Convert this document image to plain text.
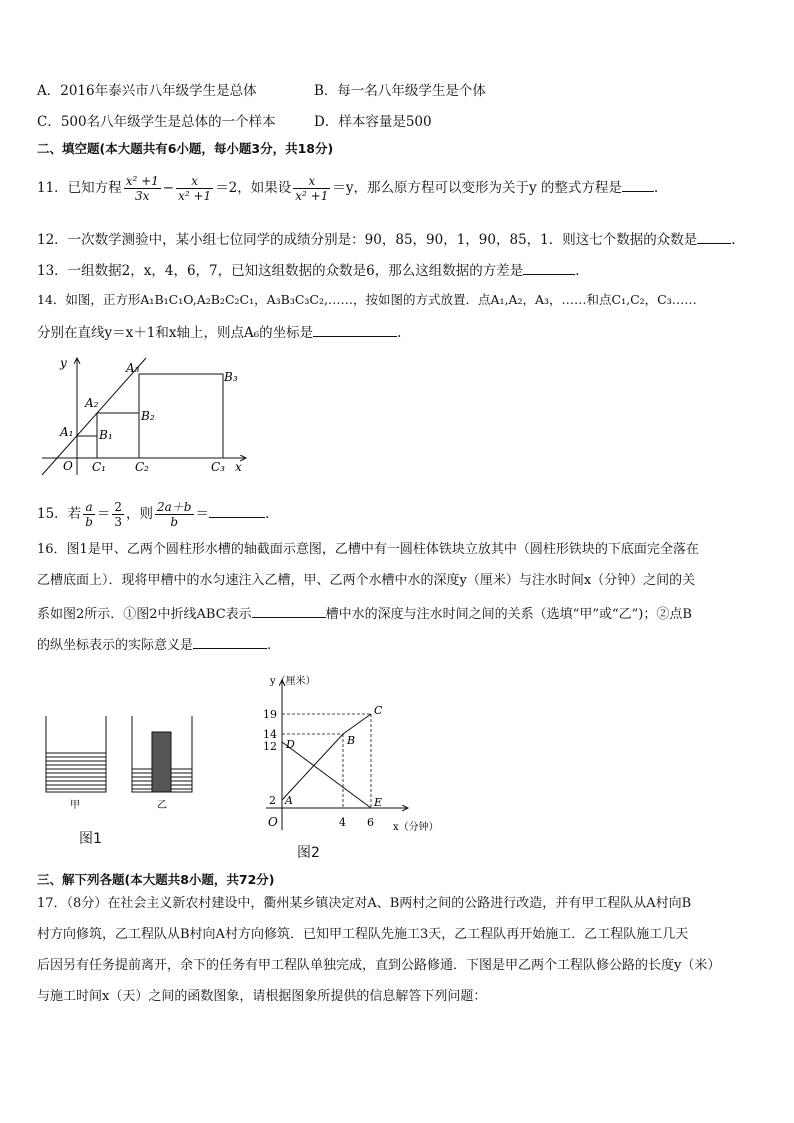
A．2016年泰兴市八年级学生是总体	B．每一名八年级学生是个体
C．500名八年级学生是总体的一个样本	D．样本容量是500
二、填空题(本大题共有6小题，每小题3分，共18分)
11．已知方程 $\frac{\text{x² +1}}{3x} - \frac{x}{\text{x² +1}} =2$，如果设 $\frac{x}{\text{x² +1}} =y$，那么原方程可以变形为关于y 的整式方程是 .
12．一次数学测验中，某小组七位同学的成绩分别是：90，85，90，1，90，85，1．则这七个数据的众数是	.
13．一组数据2，x，4，6，7，已知这组数据的众数是6，那么这组数据的方差是	.
14．如图，正方形A₁B₁C₁O,A₂B₂C₂C₁，A₃B₃C₃C₂,……，按如图的方式放置．点A₁,A₂，A₃，……和点C₁,C₂，C₃……
分别在直线y＝x＋1和x轴上，则点A₆的坐标是	.
y
x
O
A₁
A₂
A₃
B₁
B₂
B₃
C₁ C₂	C₃
15．若 $\frac{a}{b} = \frac{2}{3}$ ，则 $\frac{2a+b}{b}$ ＝	.
16．图1是甲、乙两个圆柱形水槽的轴截面示意图，乙槽中有一圆柱体铁块立放其中（圆柱形铁块的下底面完全落在
乙槽底面上）．现将甲槽中的水匀速注入乙槽，甲、乙两个水槽中水的深度y（厘米）与注水时间x（分钟）之间的关
系如图2所示．①图2中折线ABC表示	槽中水的深度与注水时间之间的关系（选填“甲”或“乙”)；②点B
的纵坐标表示的实际意义是	.
甲	乙
图1
y（厘米）
x（分钟）
O
19
14
12
2
4 6
A
B
C
D
E
图2
三、解下列各题(本大题共8小题，共72分)
17．（8分）在社会主义新农村建设中，衢州某乡镇决定对A、B两村之间的公路进行改造，并有甲工程队从A村向B
村方向修筑，乙工程队从B村向A村方向修筑．已知甲工程队先施工3天，乙工程队再开始施工．乙工程队施工几天
后因另有任务提前离开，余下的任务有甲工程队单独完成，直到公路修通．下图是甲乙两个工程队修公路的长度y（米）
与施工时间x（天）之间的函数图象，请根据图象所提供的信息解答下列问题：
